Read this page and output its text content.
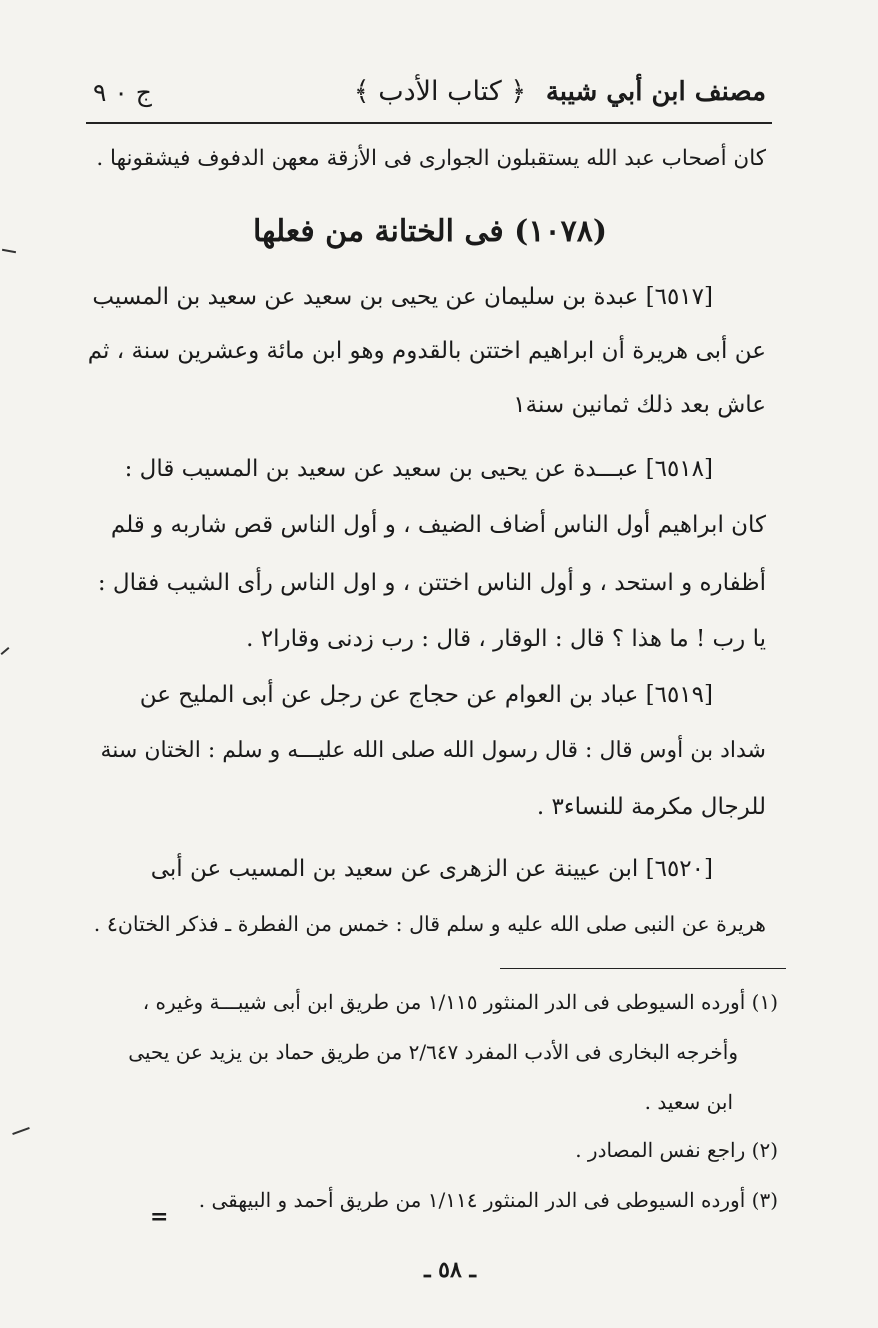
ج ٠ ٩	﴿ كتاب الأدب ﴾ مصنف ابن أبي شيبة
كان أصحاب عبد الله يستقبلون الجوارى فى الأزقة معهن الدفوف فيشقونها .
(١٠٧٨) فى الختانة من فعلها
[٦٥١٧] عبدة بن سليمان عن يحيى بن سعيد عن سعيد بن المسيب
عن أبى هريرة أن ابراهيم اختتن بالقدوم وهو ابن مائة وعشرين سنة ، ثم
عاش بعد ذلك ثمانين سنة١
[٦٥١٨] عبـــدة عن يحيى بن سعيد عن سعيد بن المسيب قال :
كان ابراهيم أول الناس أضاف الضيف ، و أول الناس قص شاربه و قلم
أظفاره و استحد ، و أول الناس اختتن ، و اول الناس رأى الشيب فقال :
يا رب ! ما هذا ؟ قال : الوقار ، قال : رب زدنى وقارا٢ .
[٦٥١٩] عباد بن العوام عن حجاج عن رجل عن أبى المليح عن
شداد بن أوس قال : قال رسول الله صلى الله عليـــه و سلم : الختان سنة
للرجال مكرمة للنساء٣ .
[٦٥٢٠] ابن عيينة عن الزهرى عن سعيد بن المسيب عن أبى
هريرة عن النبى صلى الله عليه و سلم قال : خمس من الفطرة ـ فذكر الختان٤ .
(١) أورده السيوطى فى الدر المنثور ١/١١٥ من طريق ابن أبى شيبـــة وغيره ،
وأخرجه البخارى فى الأدب المفرد ٢/٦٤٧ من طريق حماد بن يزيد عن يحيى
ابن سعيد .
(٢) راجع نفس المصادر .
(٣) أورده السيوطى فى الدر المنثور ١/١١٤ من طريق أحمد و البيهقى .
=
ـ ٥٨ ـ
